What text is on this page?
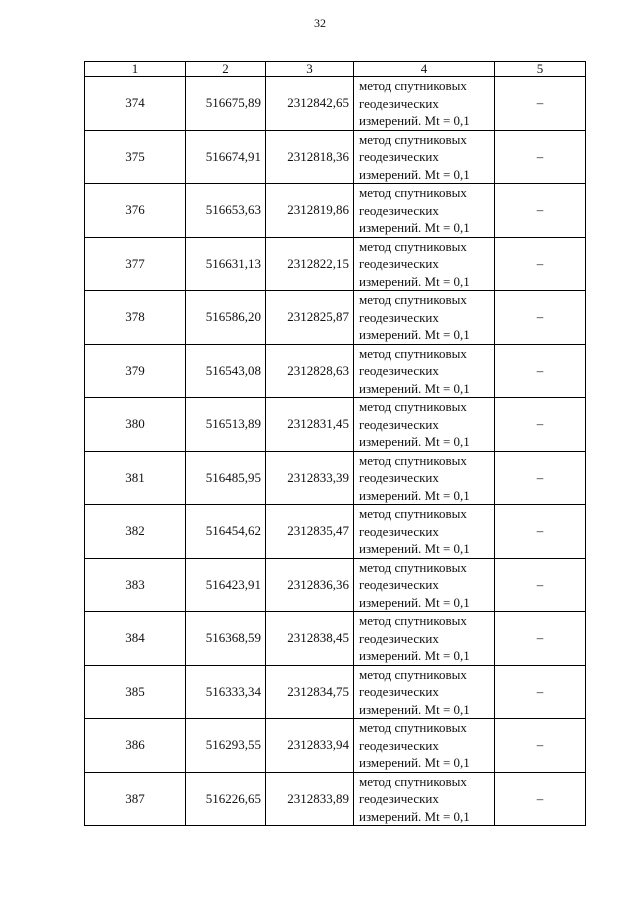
32
1	2	3	4	5
374	516675,89	2312842,65	метод спутниковых геодезических измерений. Mt = 0,1	–
375	516674,91	2312818,36	метод спутниковых геодезических измерений. Mt = 0,1	–
376	516653,63	2312819,86	метод спутниковых геодезических измерений. Mt = 0,1	–
377	516631,13	2312822,15	метод спутниковых геодезических измерений. Mt = 0,1	–
378	516586,20	2312825,87	метод спутниковых геодезических измерений. Mt = 0,1	–
379	516543,08	2312828,63	метод спутниковых геодезических измерений. Mt = 0,1	–
380	516513,89	2312831,45	метод спутниковых геодезических измерений. Mt = 0,1	–
381	516485,95	2312833,39	метод спутниковых геодезических измерений. Mt = 0,1	–
382	516454,62	2312835,47	метод спутниковых геодезических измерений. Mt = 0,1	–
383	516423,91	2312836,36	метод спутниковых геодезических измерений. Mt = 0,1	–
384	516368,59	2312838,45	метод спутниковых геодезических измерений. Mt = 0,1	–
385	516333,34	2312834,75	метод спутниковых геодезических измерений. Mt = 0,1	–
386	516293,55	2312833,94	метод спутниковых геодезических измерений. Mt = 0,1	–
387	516226,65	2312833,89	метод спутниковых геодезических измерений. Mt = 0,1	–
